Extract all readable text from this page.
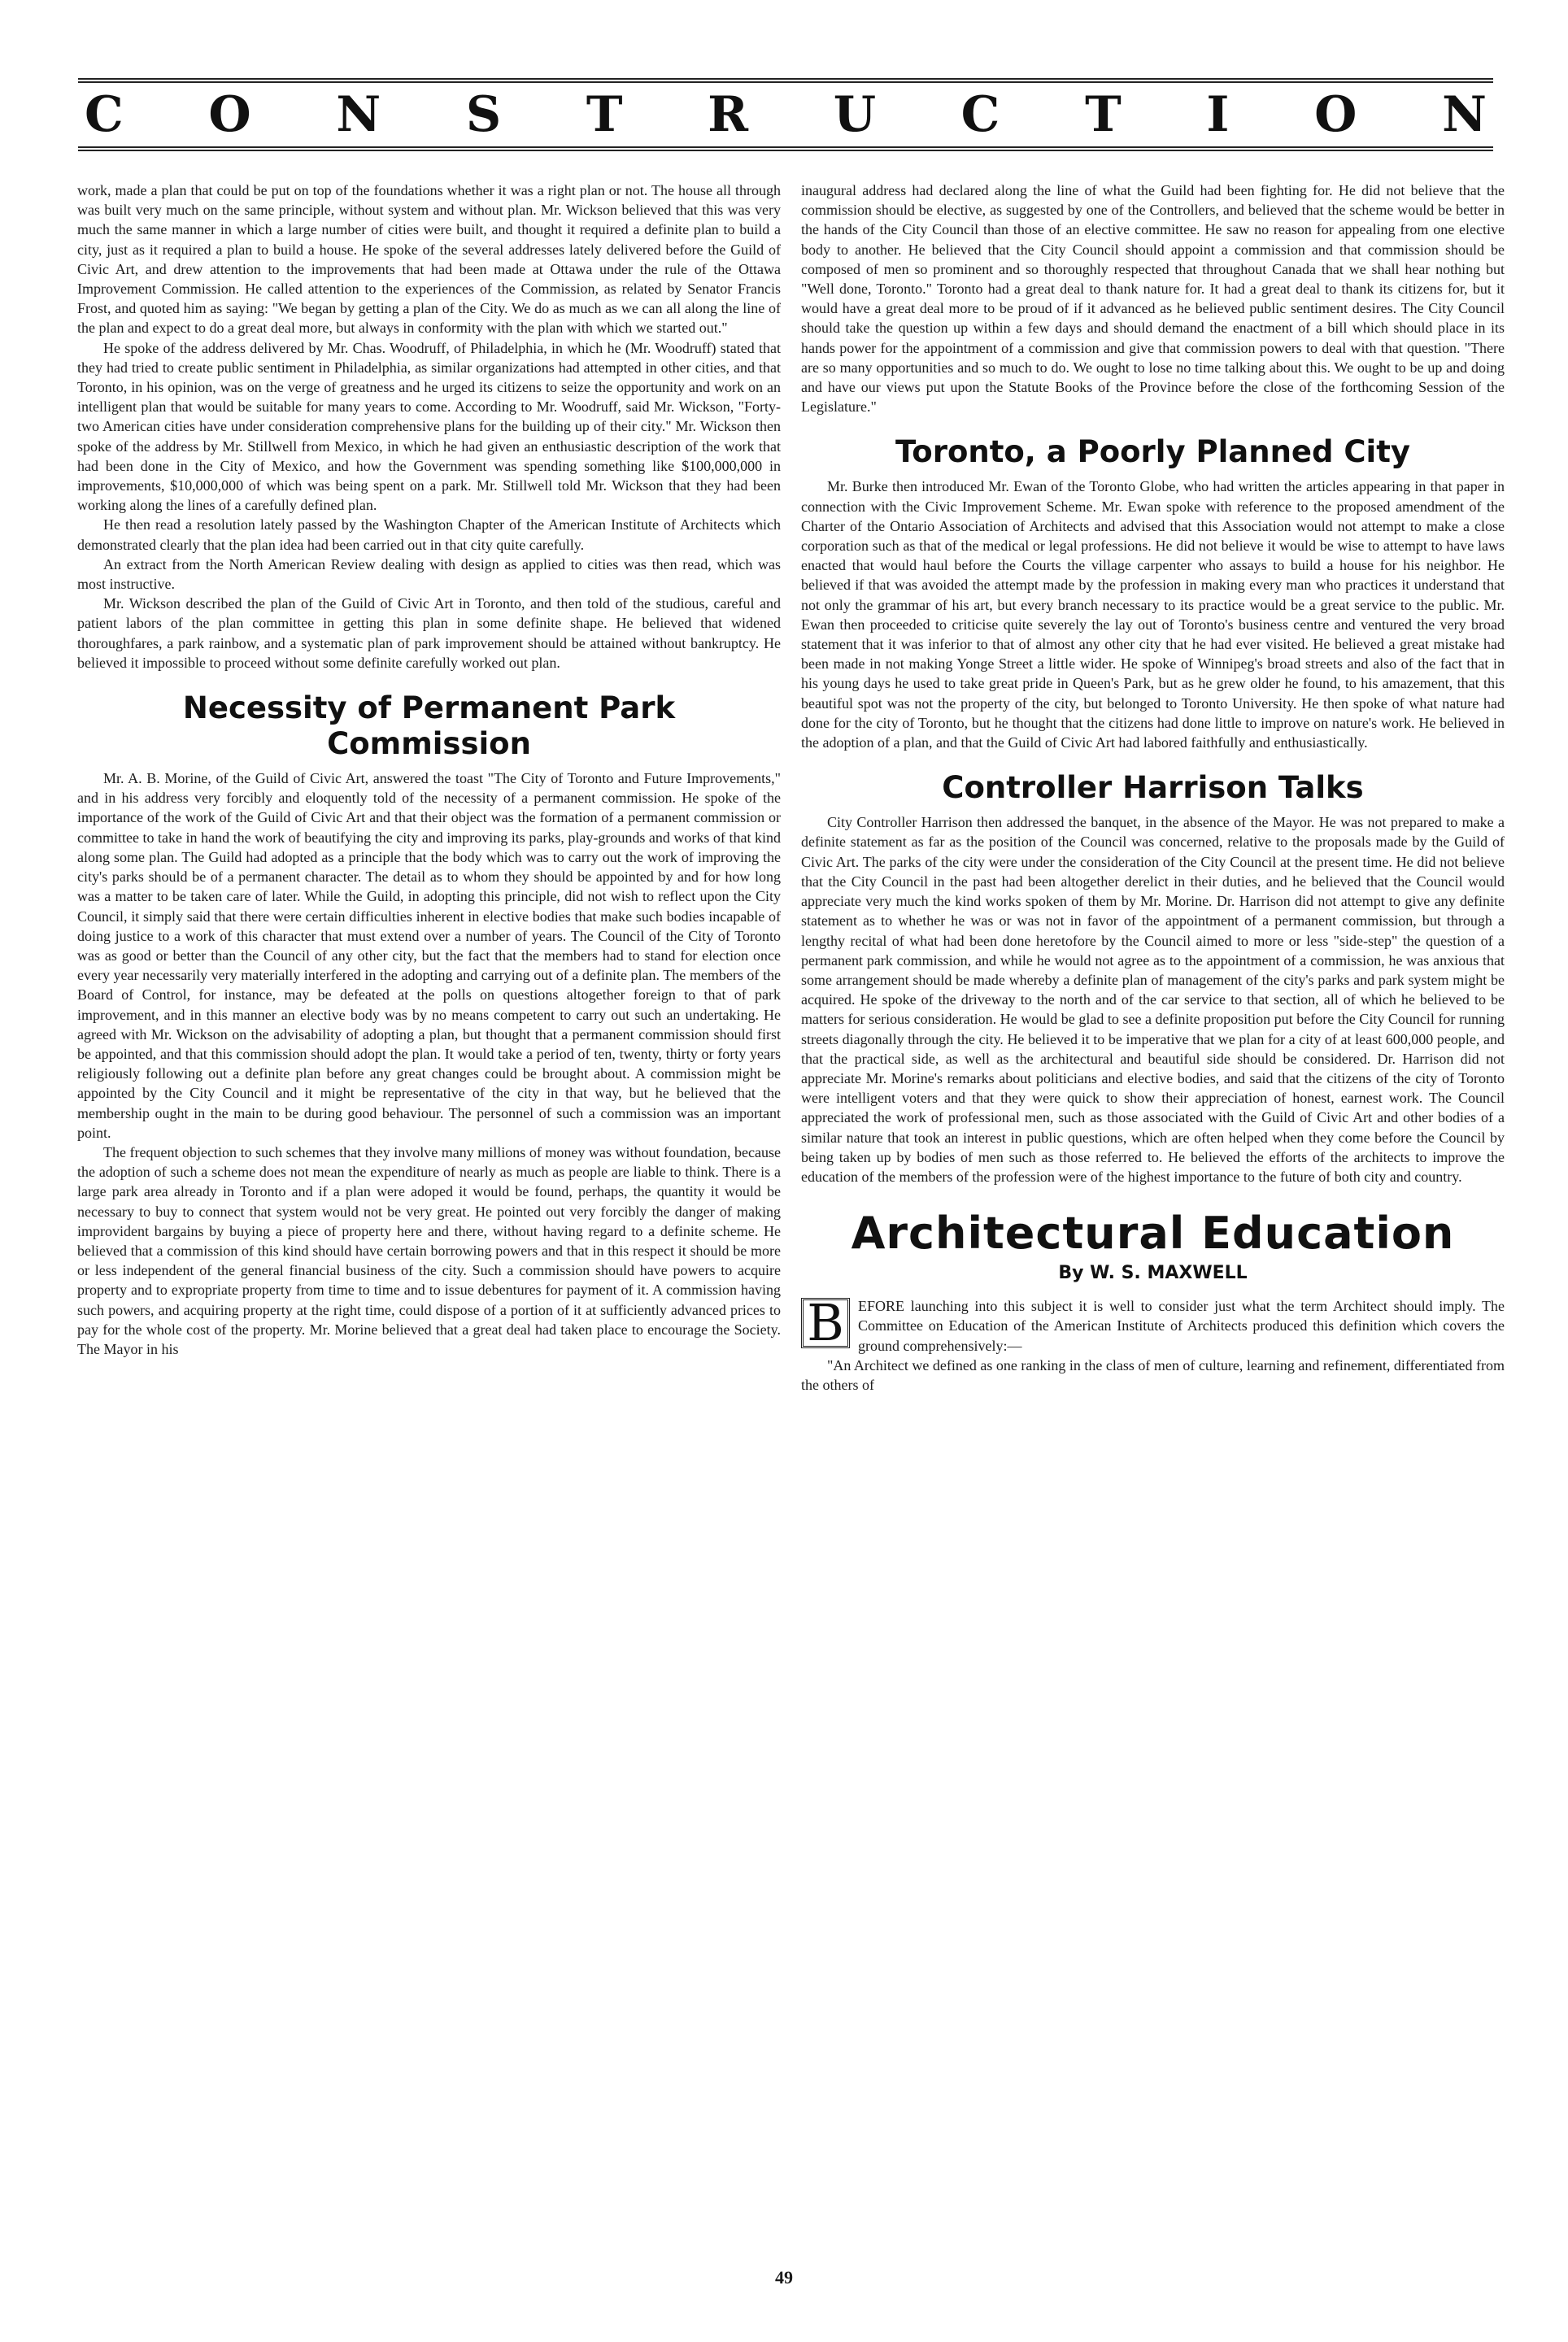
C O N S T R U C T I O N

work, made a plan that could be put on top of the foundations whether it was a right plan or not. The house all through was built very much on the same principle, without system and without plan. Mr. Wickson believed that this was very much the same manner in which a large number of cities were built, and thought it required a definite plan to build a city, just as it required a plan to build a house. He spoke of the several addresses lately delivered before the Guild of Civic Art, and drew attention to the improvements that had been made at Ottawa under the rule of the Ottawa Improvement Commission. He called attention to the experiences of the Commission, as related by Senator Francis Frost, and quoted him as saying: "We began by getting a plan of the City. We do as much as we can all along the line of the plan and expect to do a great deal more, but always in conformity with the plan with which we started out."

He spoke of the address delivered by Mr. Chas. Woodruff, of Philadelphia, in which he (Mr. Woodruff) stated that they had tried to create public sentiment in Philadelphia, as similar organizations had attempted in other cities, and that Toronto, in his opinion, was on the verge of greatness and he urged its citizens to seize the opportunity and work on an intelligent plan that would be suitable for many years to come. According to Mr. Woodruff, said Mr. Wickson, "Forty-two American cities have under consideration comprehensive plans for the building up of their city." Mr. Wickson then spoke of the address by Mr. Stillwell from Mexico, in which he had given an enthusiastic description of the work that had been done in the City of Mexico, and how the Government was spending something like $100,000,000 in improvements, $10,000,000 of which was being spent on a park. Mr. Stillwell told Mr. Wickson that they had been working along the lines of a carefully defined plan.

He then read a resolution lately passed by the Washington Chapter of the American Institute of Architects which demonstrated clearly that the plan idea had been carried out in that city quite carefully.

An extract from the North American Review dealing with design as applied to cities was then read, which was most instructive.

Mr. Wickson described the plan of the Guild of Civic Art in Toronto, and then told of the studious, careful and patient labors of the plan committee in getting this plan in some definite shape. He believed that widened thoroughfares, a park rainbow, and a systematic plan of park improvement should be attained without bankruptcy. He believed it impossible to proceed without some definite carefully worked out plan.

Necessity of Permanent Park Commission

Mr. A. B. Morine, of the Guild of Civic Art, answered the toast "The City of Toronto and Future Improvements," and in his address very forcibly and eloquently told of the necessity of a permanent commission. He spoke of the importance of the work of the Guild of Civic Art and that their object was the formation of a permanent commission or committee to take in hand the work of beautifying the city and improving its parks, play-grounds and works of that kind along some plan. The Guild had adopted as a principle that the body which was to carry out the work of improving the city's parks should be of a permanent character. The detail as to whom they should be appointed by and for how long was a matter to be taken care of later. While the Guild, in adopting this principle, did not wish to reflect upon the City Council, it simply said that there were certain difficulties inherent in elective bodies that make such bodies incapable of doing justice to a work of this character that must extend over a number of years. The Council of the City of Toronto was as good or better than the Council of any other city, but the fact that the members had to stand for election once every year necessarily very materially interfered in the adopting and carrying out of a definite plan. The members of the Board of Control, for instance, may be defeated at the polls on questions altogether foreign to that of park improvement, and in this manner an elective body was by no means competent to carry out such an undertaking. He agreed with Mr. Wickson on the advisability of adopting a plan, but thought that a permanent commission should first be appointed, and that this commission should adopt the plan. It would take a period of ten, twenty, thirty or forty years religiously following out a definite plan before any great changes could be brought about. A commission might be appointed by the City Council and it might be representative of the city in that way, but he believed that the membership ought in the main to be during good behaviour. The personnel of such a commission was an important point.

The frequent objection to such schemes that they involve many millions of money was without foundation, because the adoption of such a scheme does not mean the expenditure of nearly as much as people are liable to think. There is a large park area already in Toronto and if a plan were adoped it would be found, perhaps, the quantity it would be necessary to buy to connect that system would not be very great. He pointed out very forcibly the danger of making improvident bargains by buying a piece of property here and there, without having regard to a definite scheme. He believed that a commission of this kind should have certain borrowing powers and that in this respect it should be more or less independent of the general financial business of the city. Such a commission should have powers to acquire property and to expropriate property from time to time and to issue debentures for payment of it. A commission having such powers, and acquiring property at the right time, could dispose of a portion of it at sufficiently advanced prices to pay for the whole cost of the property. Mr. Morine believed that a great deal had taken place to encourage the Society. The Mayor in his

inaugural address had declared along the line of what the Guild had been fighting for. He did not believe that the commission should be elective, as suggested by one of the Controllers, and believed that the scheme would be better in the hands of the City Council than those of an elective committee. He saw no reason for appealing from one elective body to another. He believed that the City Council should appoint a commission and that commission should be composed of men so prominent and so thoroughly respected that throughout Canada that we shall hear nothing but "Well done, Toronto." Toronto had a great deal to thank nature for. It had a great deal to thank its citizens for, but it would have a great deal more to be proud of if it advanced as he believed public sentiment desires. The City Council should take the question up within a few days and should demand the enactment of a bill which should place in its hands power for the appointment of a commission and give that commission powers to deal with that question. "There are so many opportunities and so much to do. We ought to lose no time talking about this. We ought to be up and doing and have our views put upon the Statute Books of the Province before the close of the forthcoming Session of the Legislature."

Toronto, a Poorly Planned City

Mr. Burke then introduced Mr. Ewan of the Toronto Globe, who had written the articles appearing in that paper in connection with the Civic Improvement Scheme. Mr. Ewan spoke with reference to the proposed amendment of the Charter of the Ontario Association of Architects and advised that this Association would not attempt to make a close corporation such as that of the medical or legal professions. He did not believe it would be wise to attempt to have laws enacted that would haul before the Courts the village carpenter who assays to build a house for his neighbor. He believed if that was avoided the attempt made by the profession in making every man who practices it understand that not only the grammar of his art, but every branch necessary to its practice would be a great service to the public. Mr. Ewan then proceeded to criticise quite severely the lay out of Toronto's business centre and ventured the very broad statement that it was inferior to that of almost any other city that he had ever visited. He believed a great mistake had been made in not making Yonge Street a little wider. He spoke of Winnipeg's broad streets and also of the fact that in his young days he used to take great pride in Queen's Park, but as he grew older he found, to his amazement, that this beautiful spot was not the property of the city, but belonged to Toronto University. He then spoke of what nature had done for the city of Toronto, but he thought that the citizens had done little to improve on nature's work. He believed in the adoption of a plan, and that the Guild of Civic Art had labored faithfully and enthusiastically.

Controller Harrison Talks

City Controller Harrison then addressed the banquet, in the absence of the Mayor. He was not prepared to make a definite statement as far as the position of the Council was concerned, relative to the proposals made by the Guild of Civic Art. The parks of the city were under the consideration of the City Council at the present time. He did not believe that the City Council in the past had been altogether derelict in their duties, and he believed that the Council would appreciate very much the kind works spoken of them by Mr. Morine. Dr. Harrison did not attempt to give any definite statement as to whether he was or was not in favor of the appointment of a permanent commission, but through a lengthy recital of what had been done heretofore by the Council aimed to more or less "side-step" the question of a permanent park commission, and while he would not agree as to the appointment of a commission, he was anxious that some arrangement should be made whereby a definite plan of management of the city's parks and park system might be acquired. He spoke of the driveway to the north and of the car service to that section, all of which he believed to be matters for serious consideration. He would be glad to see a definite proposition put before the City Council for running streets diagonally through the city. He believed it to be imperative that we plan for a city of at least 600,000 people, and that the practical side, as well as the architectural and beautiful side should be considered. Dr. Harrison did not appreciate Mr. Morine's remarks about politicians and elective bodies, and said that the citizens of the city of Toronto were intelligent voters and that they were quick to show their appreciation of honest, earnest work. The Council appreciated the work of professional men, such as those associated with the Guild of Civic Art and other bodies of a similar nature that took an interest in public questions, which are often helped when they come before the Council by being taken up by bodies of men such as those referred to. He believed the efforts of the architects to improve the education of the members of the profession were of the highest importance to the future of both city and country.

Architectural Education
By W. S. MAXWELL
B EFORE launching into this subject it is well to consider just what the term Architect should imply. The Committee on Education of the American Institute of Architects produced this definition which covers the ground comprehensively:—

"An Architect we defined as one ranking in the class of men of culture, learning and refinement, differentiated from the others of

49
